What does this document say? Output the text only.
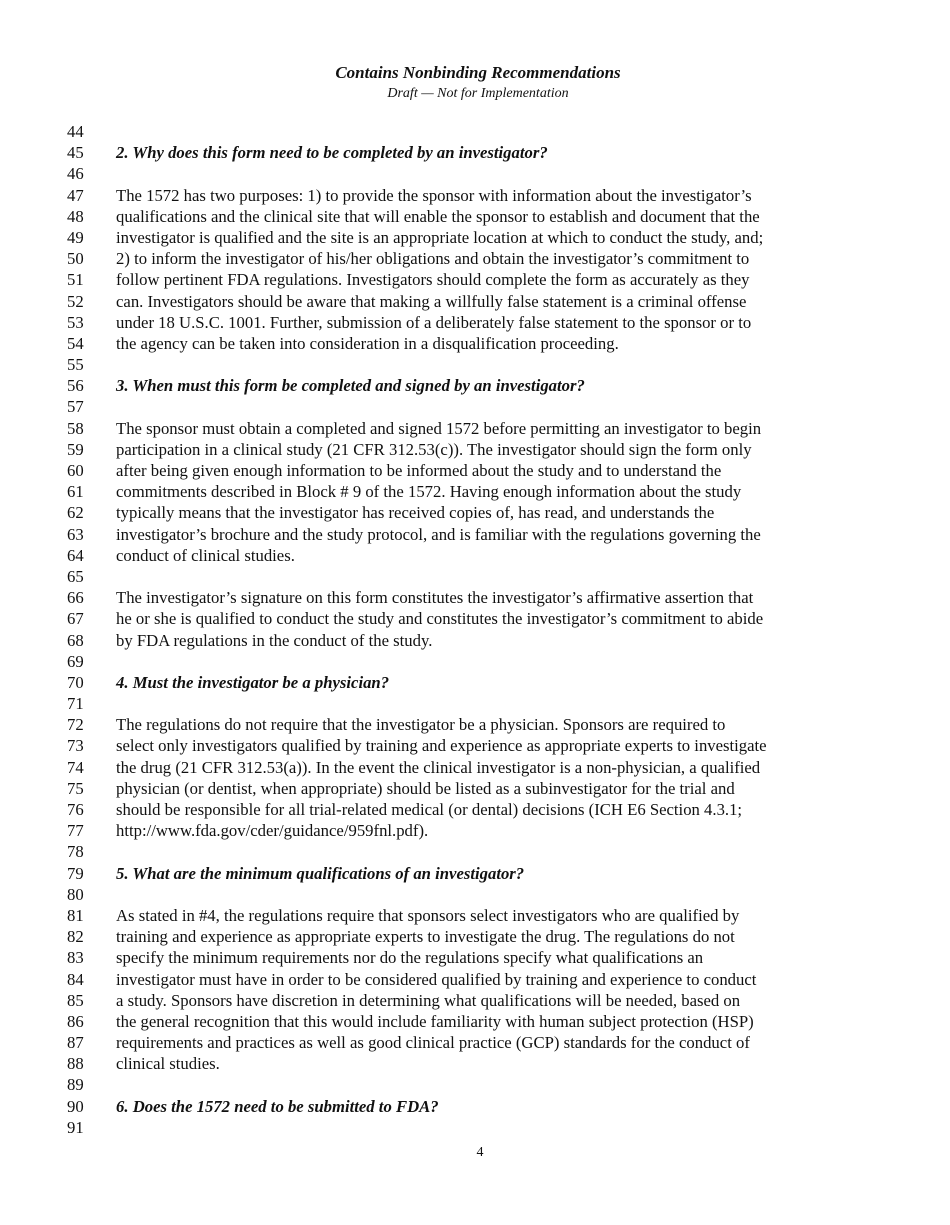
Contains Nonbinding Recommendations
Draft — Not for Implementation
44
45 2. Why does this form need to be completed by an investigator?
46
47 The 1572 has two purposes: 1) to provide the sponsor with information about the investigator’s
48 qualifications and the clinical site that will enable the sponsor to establish and document that the
49 investigator is qualified and the site is an appropriate location at which to conduct the study, and;
50 2) to inform the investigator of his/her obligations and obtain the investigator’s commitment to
51 follow pertinent FDA regulations. Investigators should complete the form as accurately as they
52 can. Investigators should be aware that making a willfully false statement is a criminal offense
53 under 18 U.S.C. 1001. Further, submission of a deliberately false statement to the sponsor or to
54 the agency can be taken into consideration in a disqualification proceeding.
55
56 3. When must this form be completed and signed by an investigator?
57
58 The sponsor must obtain a completed and signed 1572 before permitting an investigator to begin
59 participation in a clinical study (21 CFR 312.53(c)). The investigator should sign the form only
60 after being given enough information to be informed about the study and to understand the
61 commitments described in Block # 9 of the 1572. Having enough information about the study
62 typically means that the investigator has received copies of, has read, and understands the
63 investigator’s brochure and the study protocol, and is familiar with the regulations governing the
64 conduct of clinical studies.
65
66 The investigator’s signature on this form constitutes the investigator’s affirmative assertion that
67 he or she is qualified to conduct the study and constitutes the investigator’s commitment to abide
68 by FDA regulations in the conduct of the study.
69
70 4. Must the investigator be a physician?
71
72 The regulations do not require that the investigator be a physician. Sponsors are required to
73 select only investigators qualified by training and experience as appropriate experts to investigate
74 the drug (21 CFR 312.53(a)). In the event the clinical investigator is a non-physician, a qualified
75 physician (or dentist, when appropriate) should be listed as a subinvestigator for the trial and
76 should be responsible for all trial-related medical (or dental) decisions (ICH E6 Section 4.3.1;
77 http://www.fda.gov/cder/guidance/959fnl.pdf).
78
79 5. What are the minimum qualifications of an investigator?
80
81 As stated in #4, the regulations require that sponsors select investigators who are qualified by
82 training and experience as appropriate experts to investigate the drug. The regulations do not
83 specify the minimum requirements nor do the regulations specify what qualifications an
84 investigator must have in order to be considered qualified by training and experience to conduct
85 a study. Sponsors have discretion in determining what qualifications will be needed, based on
86 the general recognition that this would include familiarity with human subject protection (HSP)
87 requirements and practices as well as good clinical practice (GCP) standards for the conduct of
88 clinical studies.
89
90 6. Does the 1572 need to be submitted to FDA?
91
4
